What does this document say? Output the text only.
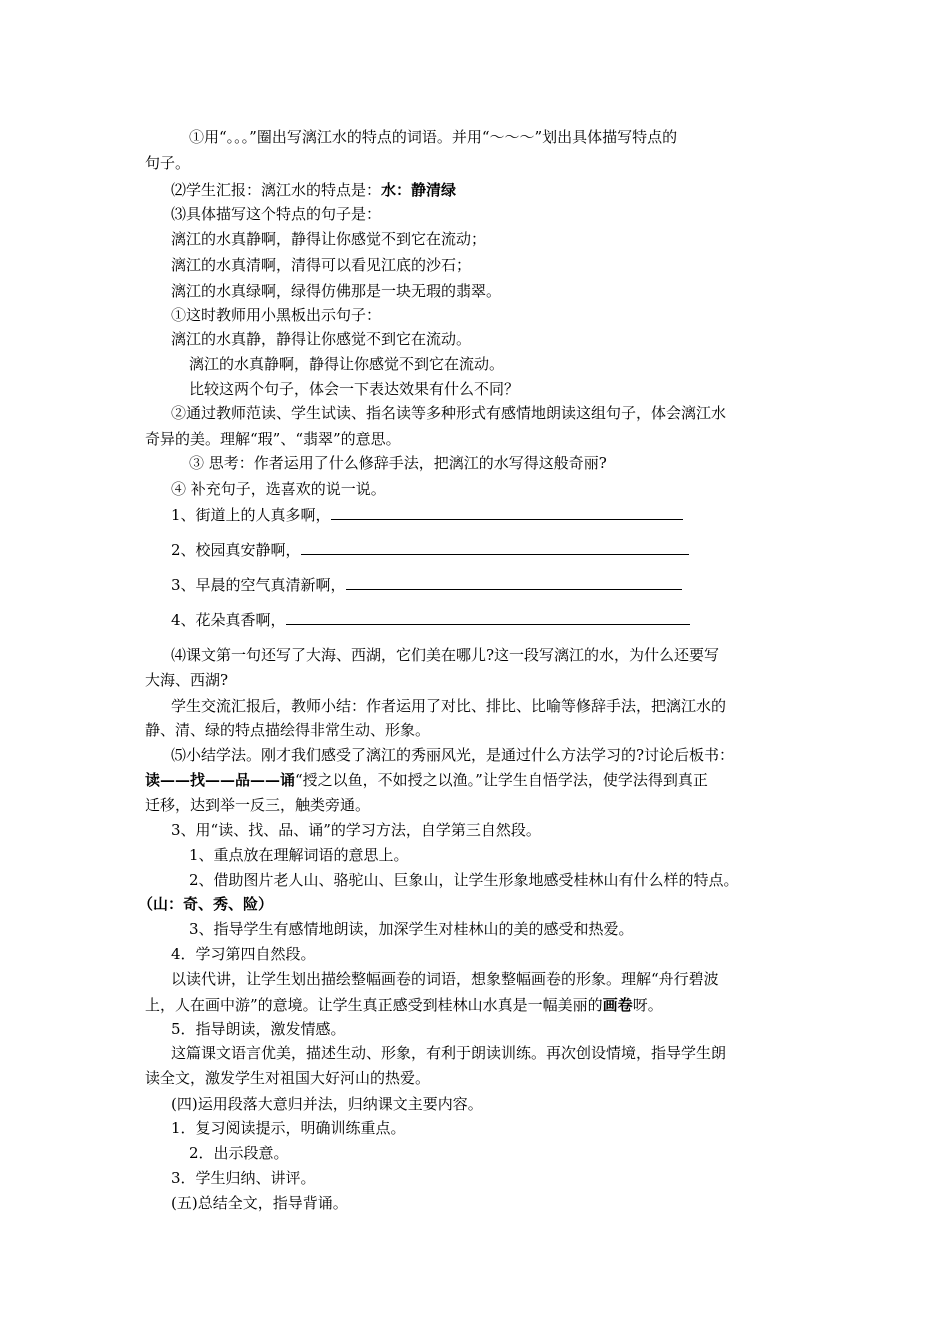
①用“。。。”圈出写漓江水的特点的词语。并用“～～～”划出具体描写特点的
句子。
⑵学生汇报：漓江水的特点是：水：静清绿
⑶具体描写这个特点的句子是：
漓江的水真静啊，静得让你感觉不到它在流动；
漓江的水真清啊，清得可以看见江底的沙石；
漓江的水真绿啊，绿得仿佛那是一块无瑕的翡翠。
①这时教师用小黑板出示句子：
漓江的水真静，静得让你感觉不到它在流动。
漓江的水真静啊，静得让你感觉不到它在流动。
比较这两个句子，体会一下表达效果有什么不同？
②通过教师范读、学生试读、指名读等多种形式有感情地朗读这组句子，体会漓江水
奇异的美。理解“瑕”、“翡翠”的意思。
③ 思考：作者运用了什么修辞手法，把漓江的水写得这般奇丽?
④ 补充句子，选喜欢的说一说。
1、街道上的人真多啊，
2、校园真安静啊，
3、早晨的空气真清新啊，
4、花朵真香啊，
⑷课文第一句还写了大海、西湖，它们美在哪儿?这一段写漓江的水，为什么还要写
大海、西湖?
学生交流汇报后，教师小结：作者运用了对比、排比、比喻等修辞手法，把漓江水的
静、清、绿的特点描绘得非常生动、形象。
⑸小结学法。刚才我们感受了漓江的秀丽风光，是通过什么方法学习的?讨论后板书：
读——找——品——诵“授之以鱼，不如授之以渔。”让学生自悟学法，使学法得到真正
迁移，达到举一反三，触类旁通。
3、用“读、找、品、诵”的学习方法，自学第三自然段。
1、重点放在理解词语的意思上。
2、借助图片老人山、骆驼山、巨象山，让学生形象地感受桂林山有什么样的特点。
（山：奇、秀、险）
3、指导学生有感情地朗读，加深学生对桂林山的美的感受和热爱。
4．学习第四自然段。
以读代讲，让学生划出描绘整幅画卷的词语，想象整幅画卷的形象。理解“舟行碧波
上，人在画中游”的意境。让学生真正感受到桂林山水真是一幅美丽的画卷呀。
5．指导朗读，激发情感。
这篇课文语言优美，描述生动、形象，有利于朗读训练。再次创设情境，指导学生朗
读全文，激发学生对祖国大好河山的热爱。
(四)运用段落大意归并法，归纳课文主要内容。
1．复习阅读提示，明确训练重点。
2．出示段意。
3．学生归纳、讲评。
(五)总结全文，指导背诵。
